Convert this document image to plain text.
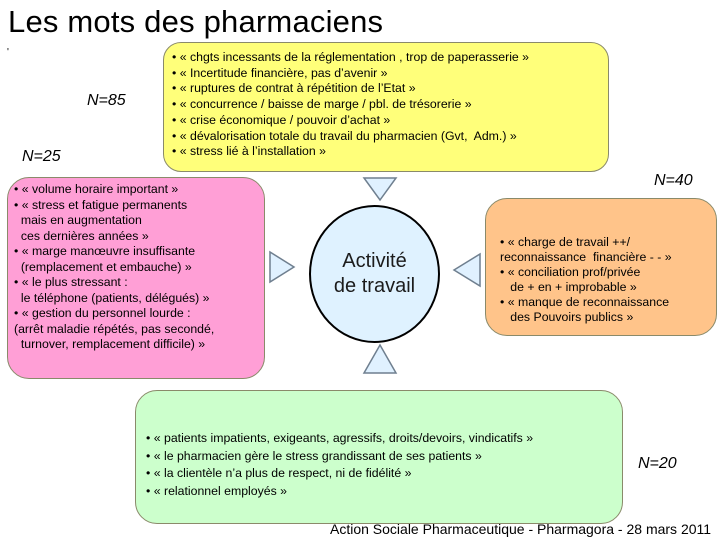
Les mots des pharmaciens
'
N=85
N=25
N=40
N=20
• « chgts incessants de la réglementation , trop de paperasserie »
• « Incertitude financière, pas d’avenir »
• « ruptures de contrat à répétition de l’Etat »
• « concurrence / baisse de marge / pbl. de trésorerie »
• « crise économique / pouvoir d’achat »
• « dévalorisation totale du travail du pharmacien (Gvt,  Adm.) »
• « stress lié à l’installation »
• « volume horaire important »
• « stress et fatigue permanents
mais en augmentation
ces dernières années »
• « marge manœuvre insuffisante
(remplacement et embauche) »
• « le plus stressant :
le téléphone (patients, délégués) »
• « gestion du personnel lourde :
(arrêt maladie répétés, pas secondé,
turnover, remplacement difficile) »
• « charge de travail ++/
reconnaissance  financière - - »
• « conciliation prof/privée
de + en + improbable »
• « manque de reconnaissance
des Pouvoirs publics »
• « patients impatients, exigeants, agressifs, droits/devoirs, vindicatifs »
• « le pharmacien gère le stress grandissant de ses patients »
• « la clientèle n’a plus de respect, ni de fidélité »
• « relationnel employés »
Activité
de travail
Action Sociale Pharmaceutique - Pharmagora - 28 mars 2011
